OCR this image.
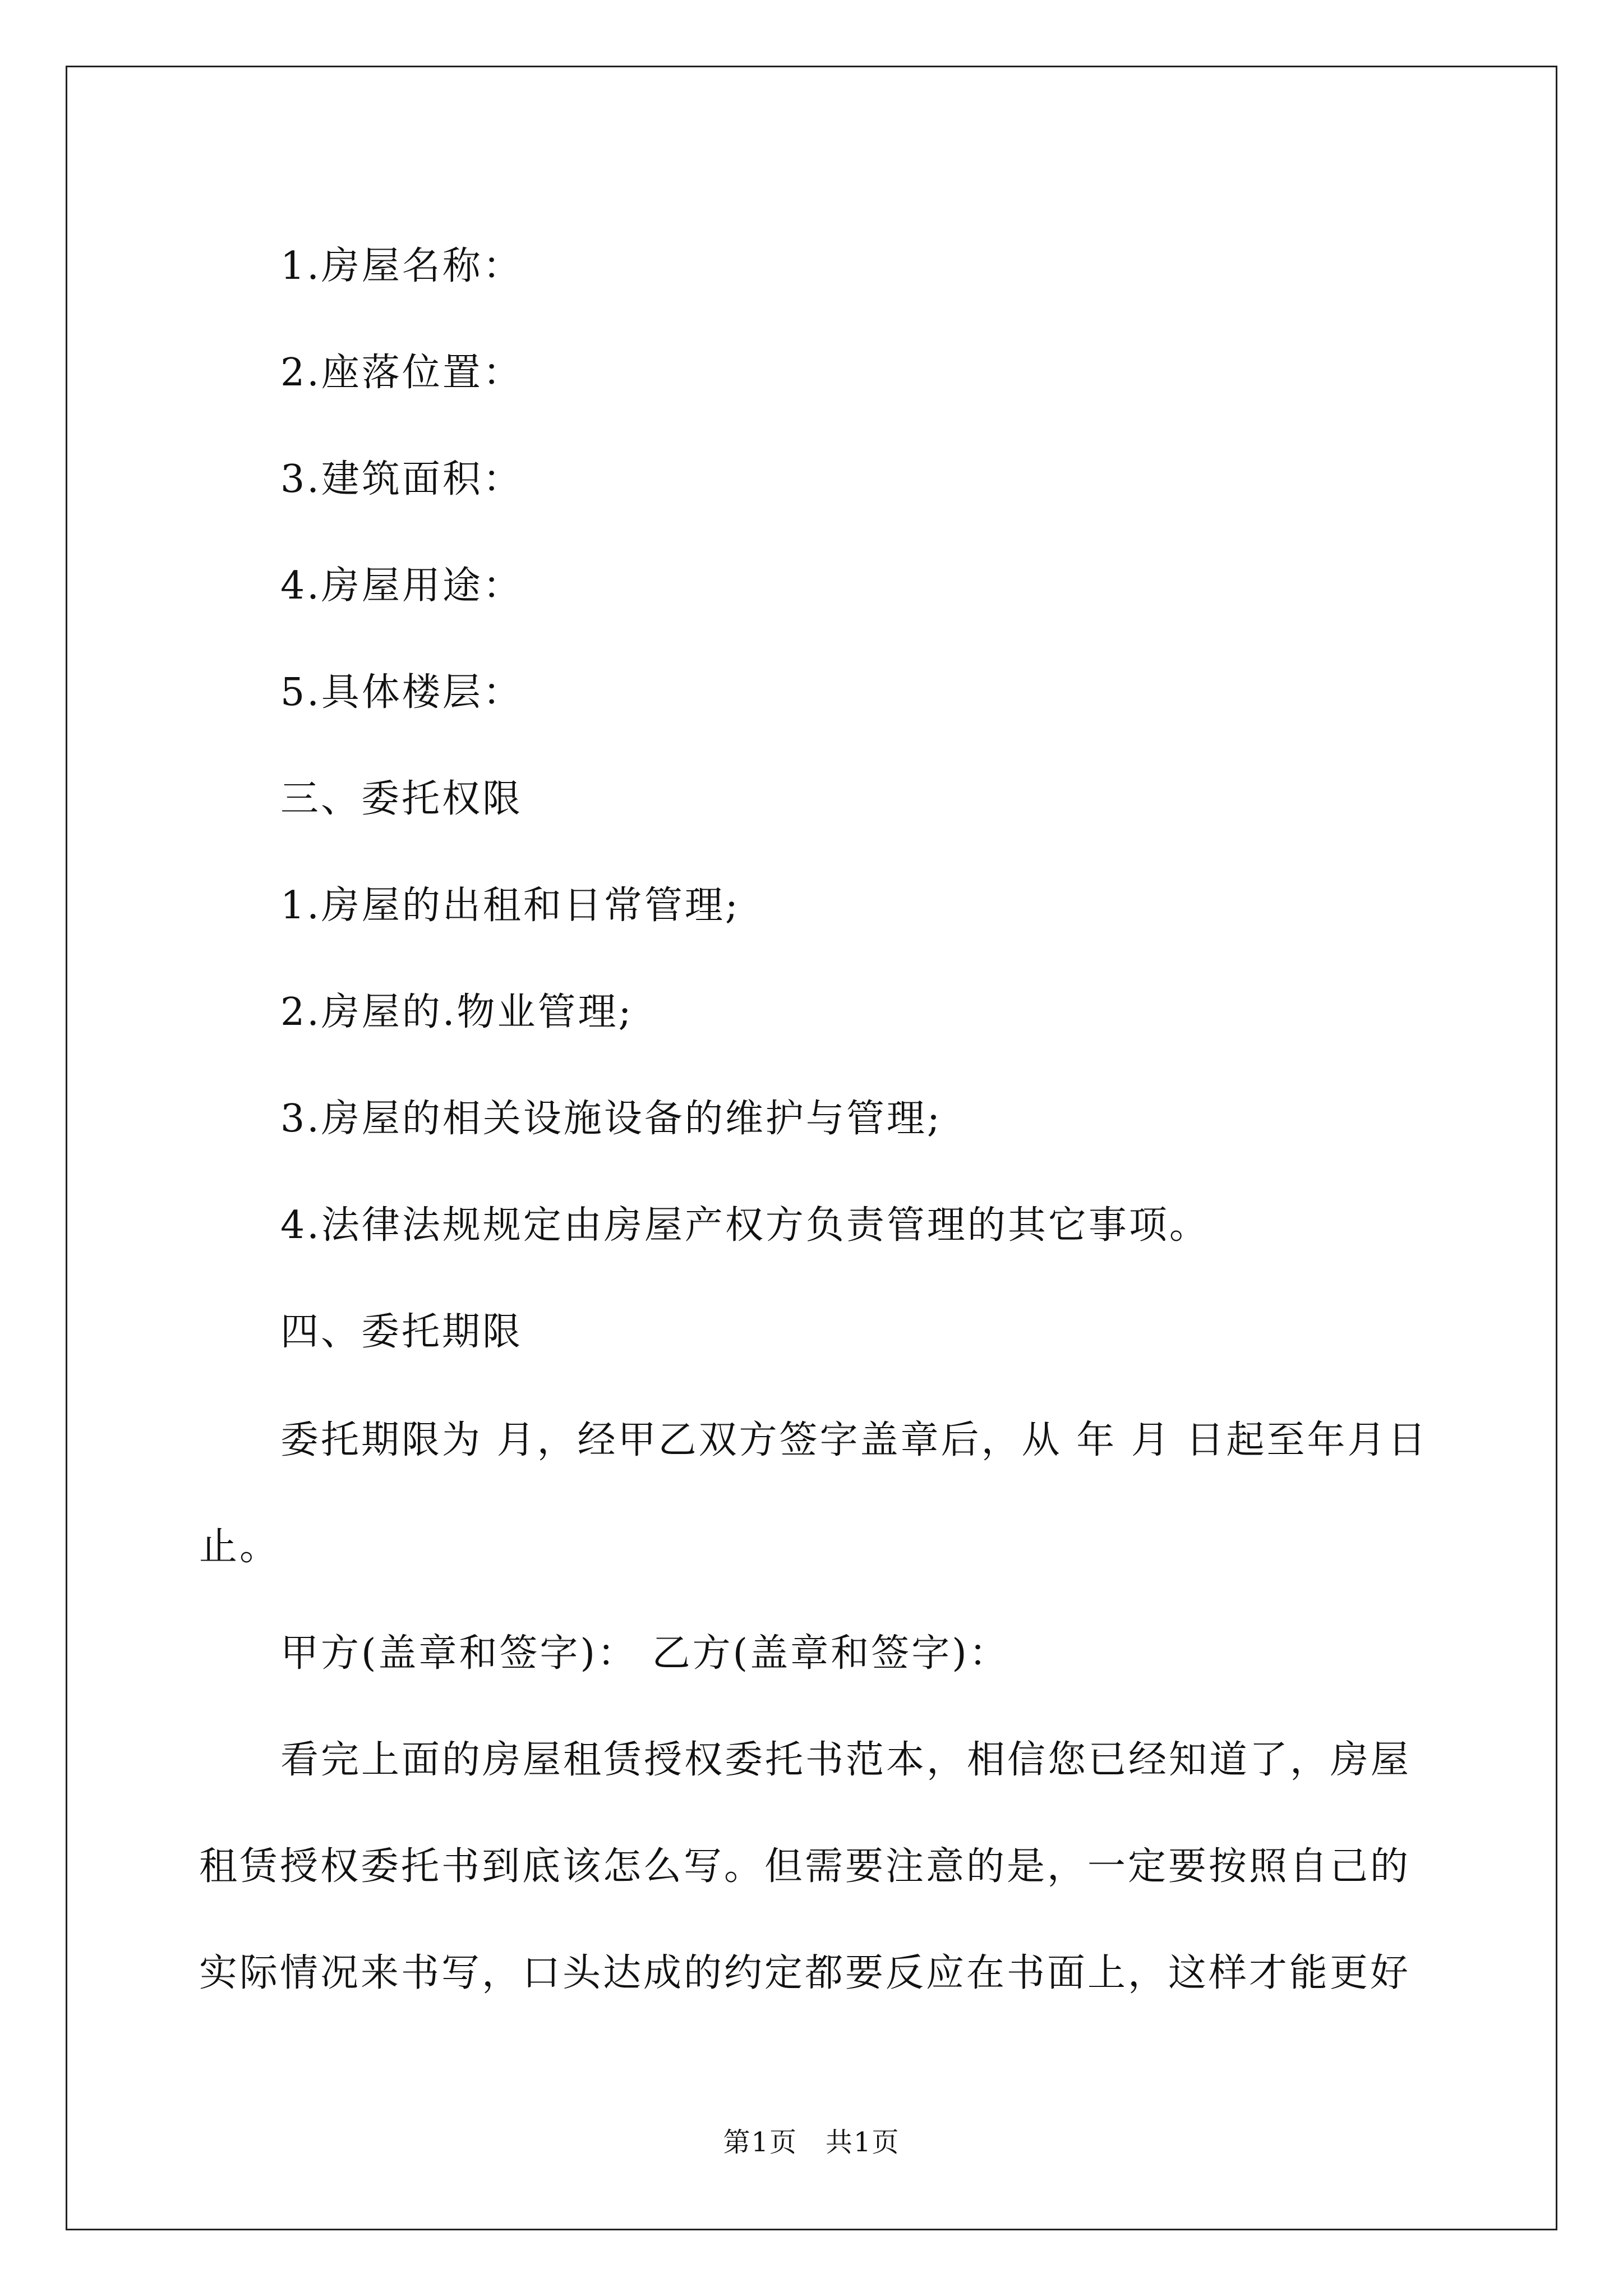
1.房屋名称：

2.座落位置：

3.建筑面积：

4.房屋用途：

5.具体楼层：

三、委托权限

1.房屋的出租和日常管理;

2.房屋的.物业管理;

3.房屋的相关设施设备的维护与管理;

4.法律法规规定由房屋产权方负责管理的其它事项。

四、委托期限

委托期限为 月，经甲乙双方签字盖章后，从 年 月 日起至年月日止。

甲方(盖章和签字)： 乙方(盖章和签字)：

看完上面的房屋租赁授权委托书范本，相信您已经知道了，房屋租赁授权委托书到底该怎么写。但需要注意的是，一定要按照自己的实际情况来书写，口头达成的约定都要反应在书面上，这样才能更好

第1页　共1页
